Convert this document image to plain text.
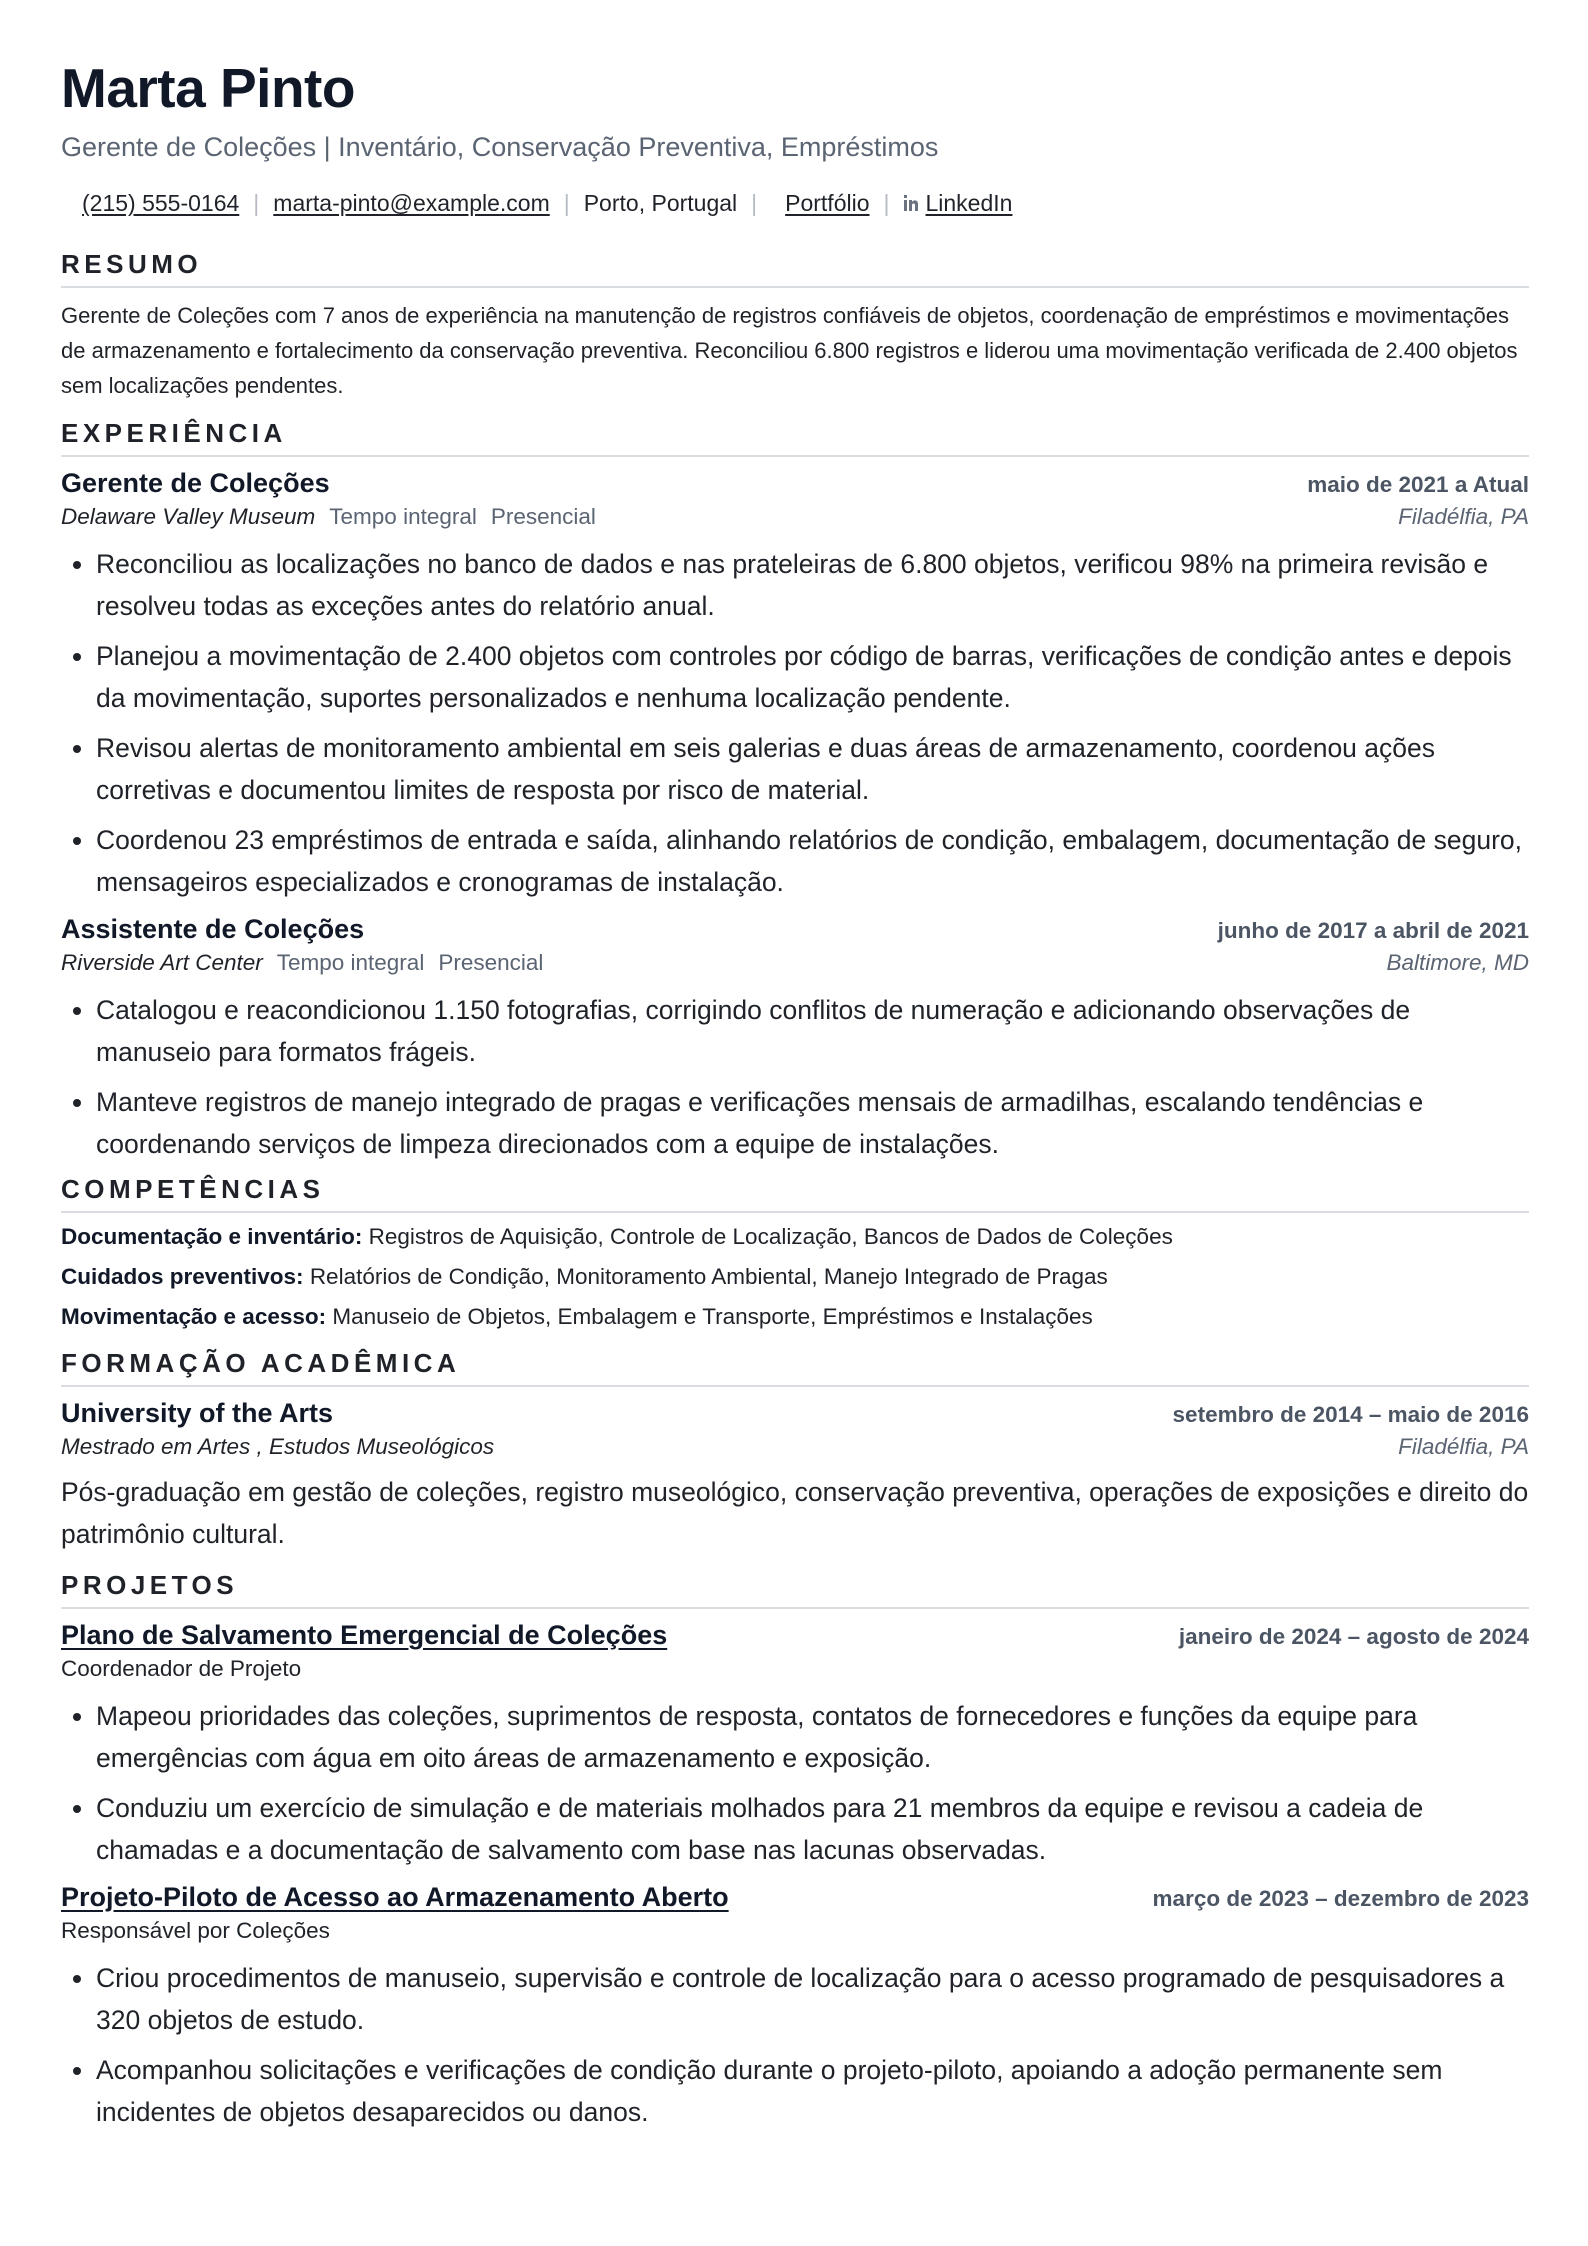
Marta Pinto
Gerente de Coleções | Inventário, Conservação Preventiva, Empréstimos
(215) 555-0164 | marta-pinto@example.com | Porto, Portugal | Portfólio | LinkedIn
RESUMO
Gerente de Coleções com 7 anos de experiência na manutenção de registros confiáveis de objetos, coordenação de empréstimos e movimentações de armazenamento e fortalecimento da conservação preventiva. Reconciliou 6.800 registros e liderou uma movimentação verificada de 2.400 objetos sem localizações pendentes.
EXPERIÊNCIA
Gerente de Coleções	maio de 2021 a Atual
Delaware Valley Museum Tempo integral Presencial	Filadélfia, PA
• Reconciliou as localizações no banco de dados e nas prateleiras de 6.800 objetos, verificou 98% na primeira revisão e resolveu todas as exceções antes do relatório anual.
• Planejou a movimentação de 2.400 objetos com controles por código de barras, verificações de condição antes e depois da movimentação, suportes personalizados e nenhuma localização pendente.
• Revisou alertas de monitoramento ambiental em seis galerias e duas áreas de armazenamento, coordenou ações corretivas e documentou limites de resposta por risco de material.
• Coordenou 23 empréstimos de entrada e saída, alinhando relatórios de condição, embalagem, documentação de seguro, mensageiros especializados e cronogramas de instalação.
Assistente de Coleções	junho de 2017 a abril de 2021
Riverside Art Center Tempo integral Presencial	Baltimore, MD
• Catalogou e reacondicionou 1.150 fotografias, corrigindo conflitos de numeração e adicionando observações de manuseio para formatos frágeis.
• Manteve registros de manejo integrado de pragas e verificações mensais de armadilhas, escalando tendências e coordenando serviços de limpeza direcionados com a equipe de instalações.
COMPETÊNCIAS
Documentação e inventário: Registros de Aquisição, Controle de Localização, Bancos de Dados de Coleções
Cuidados preventivos: Relatórios de Condição, Monitoramento Ambiental, Manejo Integrado de Pragas
Movimentação e acesso: Manuseio de Objetos, Embalagem e Transporte, Empréstimos e Instalações
FORMAÇÃO ACADÊMICA
University of the Arts	setembro de 2014 – maio de 2016
Mestrado em Artes , Estudos Museológicos	Filadélfia, PA
Pós-graduação em gestão de coleções, registro museológico, conservação preventiva, operações de exposições e direito do patrimônio cultural.
PROJETOS
Plano de Salvamento Emergencial de Coleções	janeiro de 2024 – agosto de 2024
Coordenador de Projeto
• Mapeou prioridades das coleções, suprimentos de resposta, contatos de fornecedores e funções da equipe para emergências com água em oito áreas de armazenamento e exposição.
• Conduziu um exercício de simulação e de materiais molhados para 21 membros da equipe e revisou a cadeia de chamadas e a documentação de salvamento com base nas lacunas observadas.
Projeto-Piloto de Acesso ao Armazenamento Aberto	março de 2023 – dezembro de 2023
Responsável por Coleções
• Criou procedimentos de manuseio, supervisão e controle de localização para o acesso programado de pesquisadores a 320 objetos de estudo.
• Acompanhou solicitações e verificações de condição durante o projeto-piloto, apoiando a adoção permanente sem incidentes de objetos desaparecidos ou danos.
